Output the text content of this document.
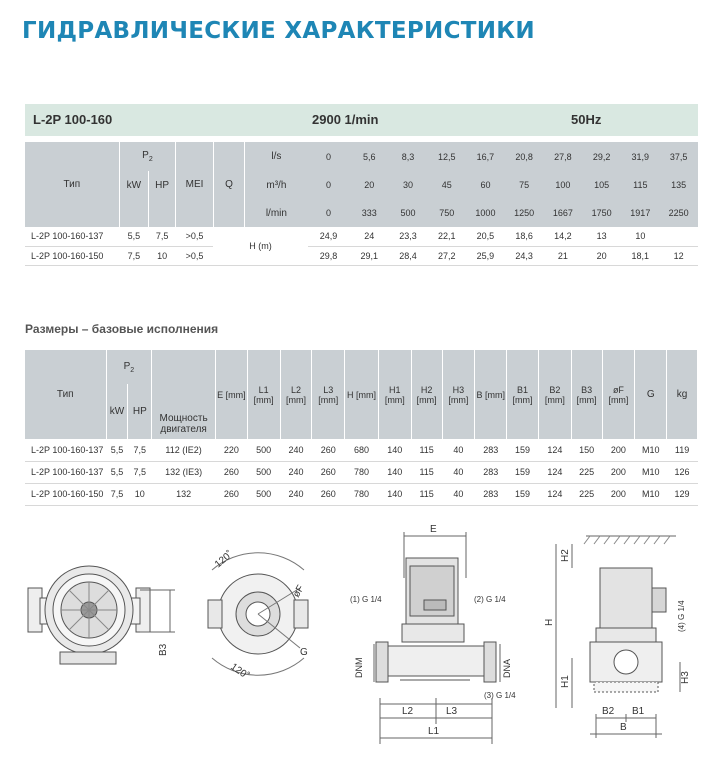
ГИДРАВЛИЧЕСКИЕ ХАРАКТЕРИСТИКИ
L-2P 100-160	2900 1/min	50Hz
Тип	$P_2$		MEI	Q	l/s	0	5,6	8,3	12,5	16,7	20,8	27,8	29,2	31,9	37,5
	kW	HP			m³/h	0	20	30	45	60	75	100	105	115	135
					l/min	0	333	500	750	1000	1250	1667	1750	1917	2250
L-2P 100-160-137	5,5	7,5	>0,5	H (m)		24,9	24	23,3	22,1	20,5	18,6	14,2	13	10	
L-2P 100-160-150	7,5	10	>0,5			29,8	29,1	28,4	27,2	25,9	24,3	21	20	18,1	12
Размеры – базовые исполнения
Тип	$P_2$		Мощность двигателя	E [mm]	L1 [mm]	L2 [mm]	L3 [mm]	H [mm]	H1 [mm]	H2 [mm]	H3 [mm]	B [mm]	B1 [mm]	B2 [mm]	B3 [mm]	øF [mm]	G	kg
	kW	HP																
L-2P 100-160-137	5,5	7,5	112 (IE2)	220	500	240	260	680	140	115	40	283	159	124	150	200	M10	119
L-2P 100-160-137	5,5	7,5	132 (IE3)	260	500	240	260	780	140	115	40	283	159	124	225	200	M10	126
L-2P 100-160-150	7,5	10	132	260	500	240	260	780	140	115	40	283	159	124	225	200	M10	129
B3
120˚
120˚
øF
G
E
(1) G 1/4	(2) G 1/4
(3) G 1/4
DNM	DNA
L2	L3
L1
H2
H
H1	H3
(4) G 1/4
B2 B1
B
